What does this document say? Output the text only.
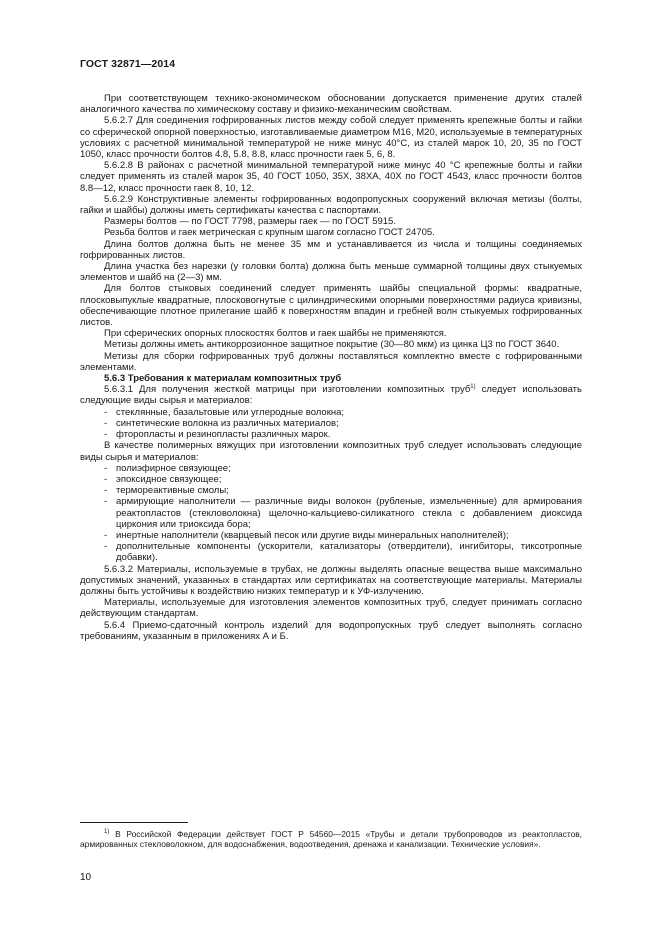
ГОСТ 32871—2014

При соответствующем технико-экономическом обосновании допускается применение других сталей аналогичного качества по химическому составу и физико-механическим свойствам.

5.6.2.7 Для соединения гофрированных листов между собой следует применять крепежные болты и гайки со сферической опорной поверхностью, изготавливаемые диаметром М16, М20, используемые в температурных условиях с расчетной минимальной температурой не ниже минус 40°С, из сталей марок 10, 20, 35 по ГОСТ 1050, класс прочности болтов 4.8, 5.8, 8.8, класс прочности гаек 5, 6, 8.

5.6.2.8 В районах с расчетной минимальной температурой ниже минус 40 °С крепежные болты и гайки следует применять из сталей марок 35, 40 ГОСТ 1050, 35Х, 38ХА, 40Х по ГОСТ 4543, класс прочности болтов 8.8—12, класс прочности гаек 8, 10, 12.

5.6.2.9 Конструктивные элементы гофрированных водопропускных сооружений включая метизы (болты, гайки и шайбы) должны иметь сертификаты качества с паспортами.

Размеры болтов — по ГОСТ 7798, размеры гаек — по ГОСТ 5915.

Резьба болтов и гаек метрическая с крупным шагом согласно ГОСТ 24705.

Длина болтов должна быть не менее 35 мм и устанавливается из числа и толщины соединяемых гофрированных листов.

Длина участка без нарезки (у головки болта) должна быть меньше суммарной толщины двух стыкуемых элементов и шайб на (2—3) мм.

Для болтов стыковых соединений следует применять шайбы специальной формы: квадратные, плосковыпуклые квадратные, плосковогнутые с цилиндрическими опорными поверхностями радиуса кривизны, обеспечивающие плотное прилегание шайб к поверхностям впадин и гребней волн стыкуемых гофрированных листов.

При сферических опорных плоскостях болтов и гаек шайбы не применяются.

Метизы должны иметь антикоррозионное защитное покрытие (30—80 мкм) из цинка Ц3 по ГОСТ 3640.

Метизы для сборки гофрированных труб должны поставляться комплектно вместе с гофрированными элементами.

5.6.3 Требования к материалам композитных труб

5.6.3.1 Для получения жесткой матрицы при изготовлении композитных труб$^{1)}$ следует использовать следующие виды сырья и материалов:

- стеклянные, базальтовые или углеродные волокна;
- синтетические волокна из различных материалов;
- фторопласты и резинопласты различных марок.

В качестве полимерных вяжущих при изготовлении композитных труб следует использовать следующие виды сырья и материалов:

- полиэфирное связующее;
- эпоксидное связующее;
- термореактивные смолы;
- армирующие наполнители — различные виды волокон (рубленые, измельченные) для армирования реактопластов (стекловолокна) щелочно-кальциево-силикатного стекла с добавлением диоксида циркония или триоксида бора;
- инертные наполнители (кварцевый песок или другие виды минеральных наполнителей);
- дополнительные компоненты (ускорители, катализаторы (отвердители), ингибиторы, тиксотропные добавки).

5.6.3.2 Материалы, используемые в трубах, не должны выделять опасные вещества выше максимально допустимых значений, указанных в стандартах или сертификатах на соответствующие материалы. Материалы должны быть устойчивы к воздействию низких температур и к УФ-излучению.

Материалы, используемые для изготовления элементов композитных труб, следует принимать согласно действующим стандартам.

5.6.4 Приемо-сдаточный контроль изделий для водопропускных труб следует выполнять согласно требованиям, указанным в приложениях А и Б.

$^{1)}$ В Российской Федерации действует ГОСТ Р 54560—2015 «Трубы и детали трубопроводов из реактопластов, армированных стекловолокном, для водоснабжения, водоотведения, дренажа и канализации. Технические условия».

10
